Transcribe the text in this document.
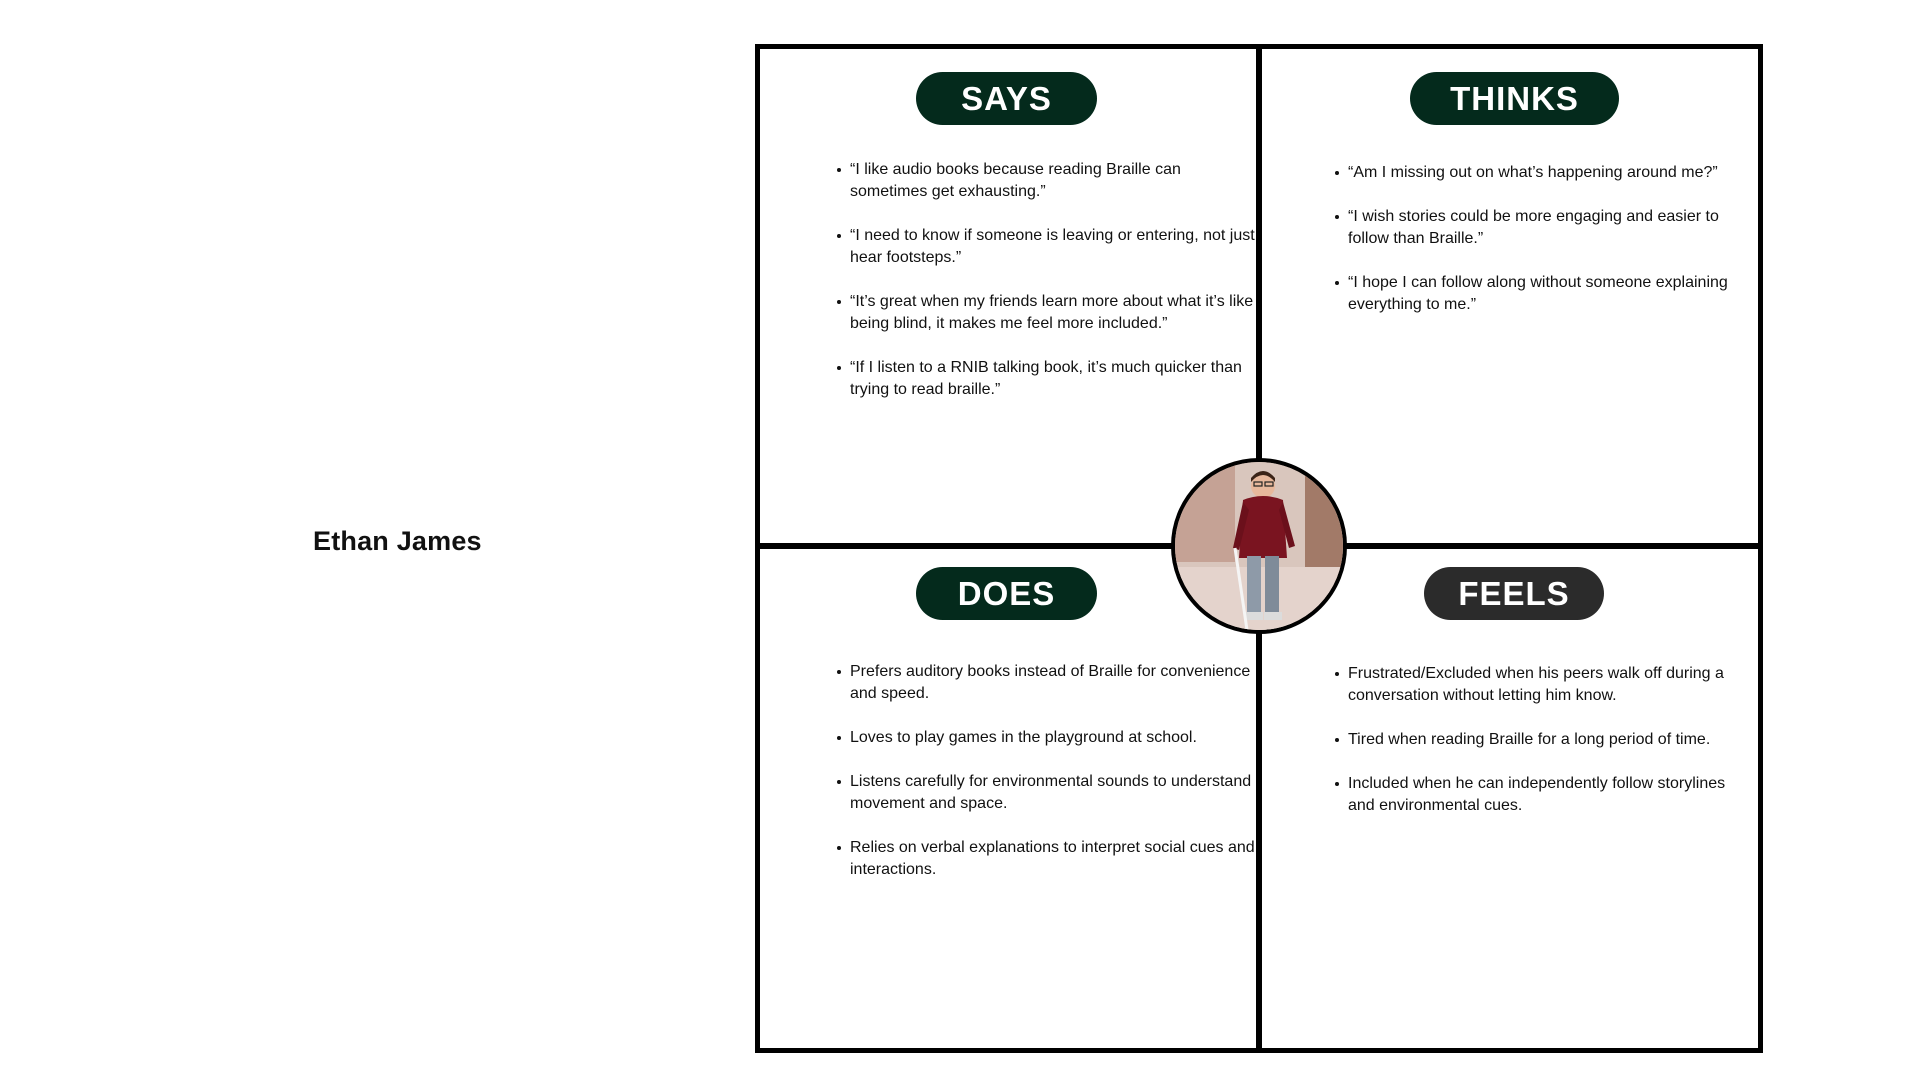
Ethan James

SAYS
“I like audio books because reading Braille can
sometimes get exhausting.”
“I need to know if someone is leaving or entering, not just
hear footsteps.”
“It’s great when my friends learn more about what it’s like
being blind, it makes me feel more included.”
“If I listen to a RNIB talking book, it’s much quicker than
trying to read braille.”
THINKS
“Am I missing out on what’s happening around me?”
“I wish stories could be more engaging and easier to
follow than Braille.”
“I hope I can follow along without someone explaining
everything to me.”
DOES
Prefers auditory books instead of Braille for convenience
and speed.
Loves to play games in the playground at school.
Listens carefully for environmental sounds to understand
movement and space.
Relies on verbal explanations to interpret social cues and
interactions.
FEELS
Frustrated/Excluded when his peers walk off during a
conversation without letting him know.
Tired when reading Braille for a long period of time.
Included when he can independently follow storylines
and environmental cues.
